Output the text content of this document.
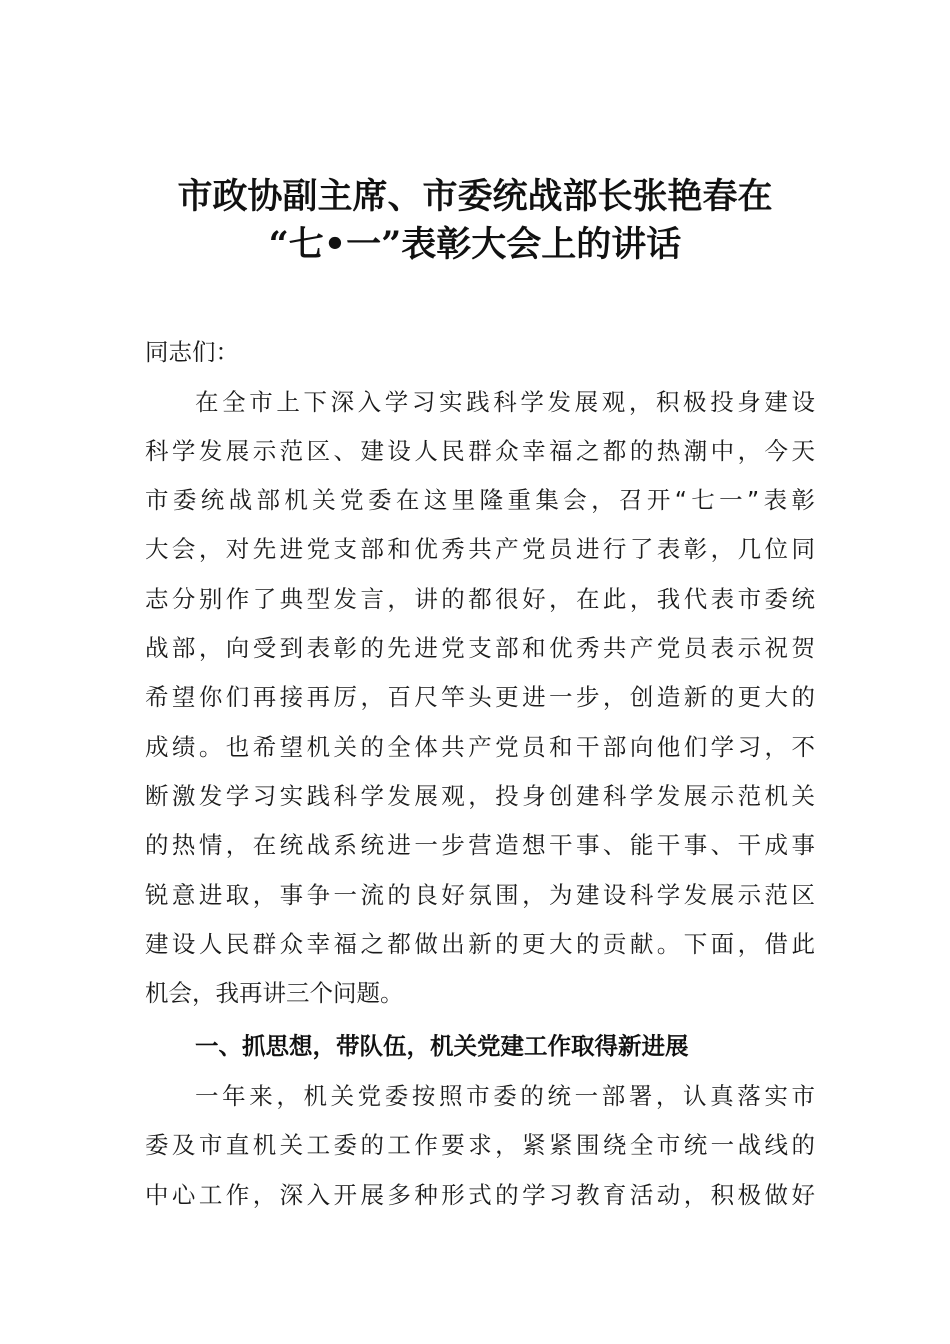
市政协副主席、市委统战部长张艳春在
“七•一”表彰大会上的讲话
同志们：
在全市上下深入学习实践科学发展观，积极投身建设
科学发展示范区、建设人民群众幸福之都的热潮中，今天
市委统战部机关党委在这里隆重集会，召开“七一”表彰
大会，对先进党支部和优秀共产党员进行了表彰，几位同
志分别作了典型发言，讲的都很好，在此，我代表市委统
战部，向受到表彰的先进党支部和优秀共产党员表示祝贺
希望你们再接再厉，百尺竿头更进一步，创造新的更大的
成绩。也希望机关的全体共产党员和干部向他们学习，不
断激发学习实践科学发展观，投身创建科学发展示范机关
的热情，在统战系统进一步营造想干事、能干事、干成事
锐意进取，事争一流的良好氛围，为建设科学发展示范区
建设人民群众幸福之都做出新的更大的贡献。下面，借此
机会，我再讲三个问题。
一、抓思想，带队伍，机关党建工作取得新进展
一年来，机关党委按照市委的统一部署，认真落实市
委及市直机关工委的工作要求，紧紧围绕全市统一战线的
中心工作，深入开展多种形式的学习教育活动，积极做好
